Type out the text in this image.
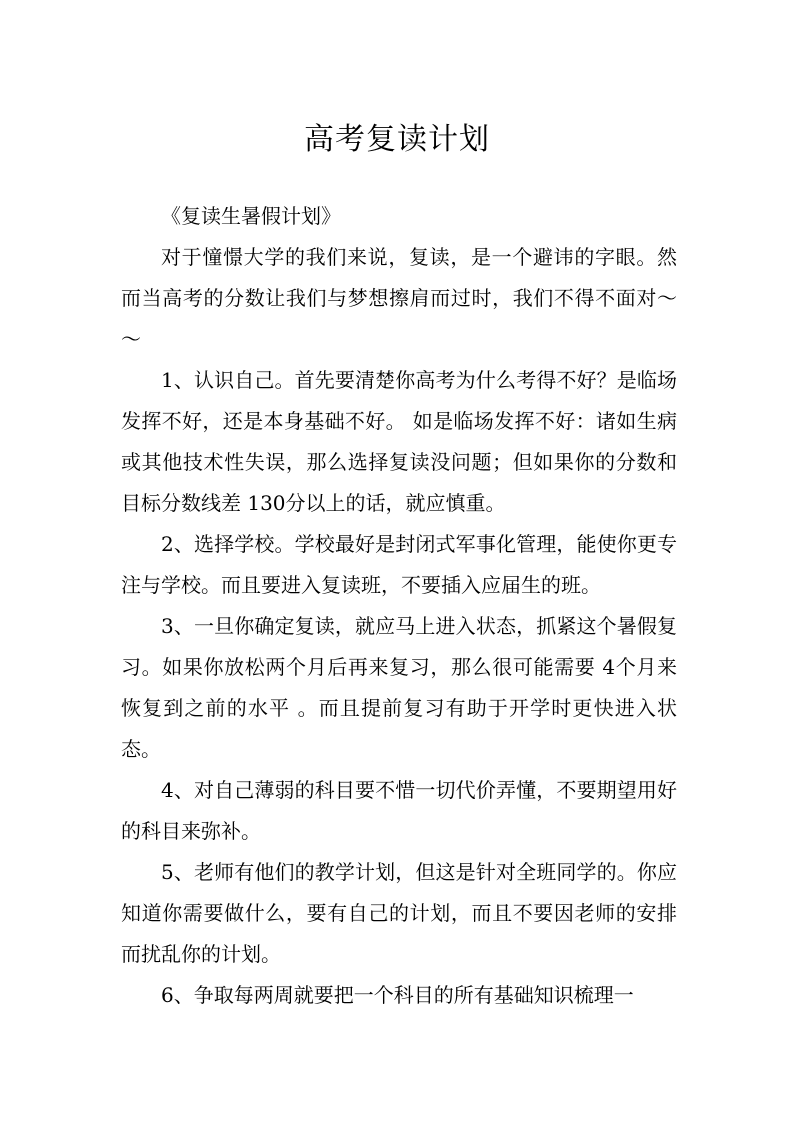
高考复读计划

《复读生暑假计划》

对于憧憬大学的我们来说，复读，是一个避讳的字眼。然而当高考的分数让我们与梦想擦肩而过时，我们不得不面对～～

1、认识自己。首先要清楚你高考为什么考得不好？是临场发挥不好，还是本身基础不好。 如是临场发挥不好：诸如生病或其他技术性失误，那么选择复读没问题；但如果你的分数和目标分数线差 130分以上的话，就应慎重。

2、选择学校。学校最好是封闭式军事化管理，能使你更专注与学校。而且要进入复读班，不要插入应届生的班。

3、一旦你确定复读，就应马上进入状态，抓紧这个暑假复习。如果你放松两个月后再来复习，那么很可能需要 4个月来恢复到之前的水平 。而且提前复习有助于开学时更快进入状态。

4、对自己薄弱的科目要不惜一切代价弄懂，不要期望用好的科目来弥补。

5、老师有他们的教学计划，但这是针对全班同学的。你应知道你需要做什么，要有自己的计划，而且不要因老师的安排而扰乱你的计划。

6、争取每两周就要把一个科目的所有基础知识梳理一
